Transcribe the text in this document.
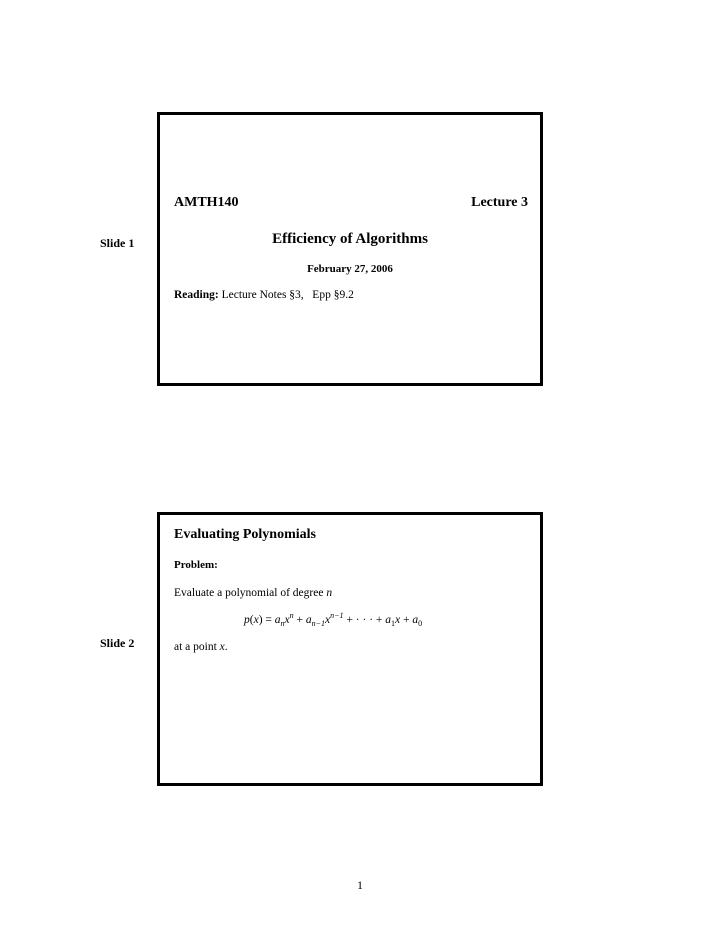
Slide 1
AMTH140	Lecture 3
Efficiency of Algorithms
February 27, 2006
Reading: Lecture Notes §3,   Epp §9.2
Slide 2
Evaluating Polynomials
Problem:
Evaluate a polynomial of degree n
$p(x) = a_nx^n + a_{n-1}x^{n-1}$ + · · · + $a_1x + a_0$
at a point x.
1
